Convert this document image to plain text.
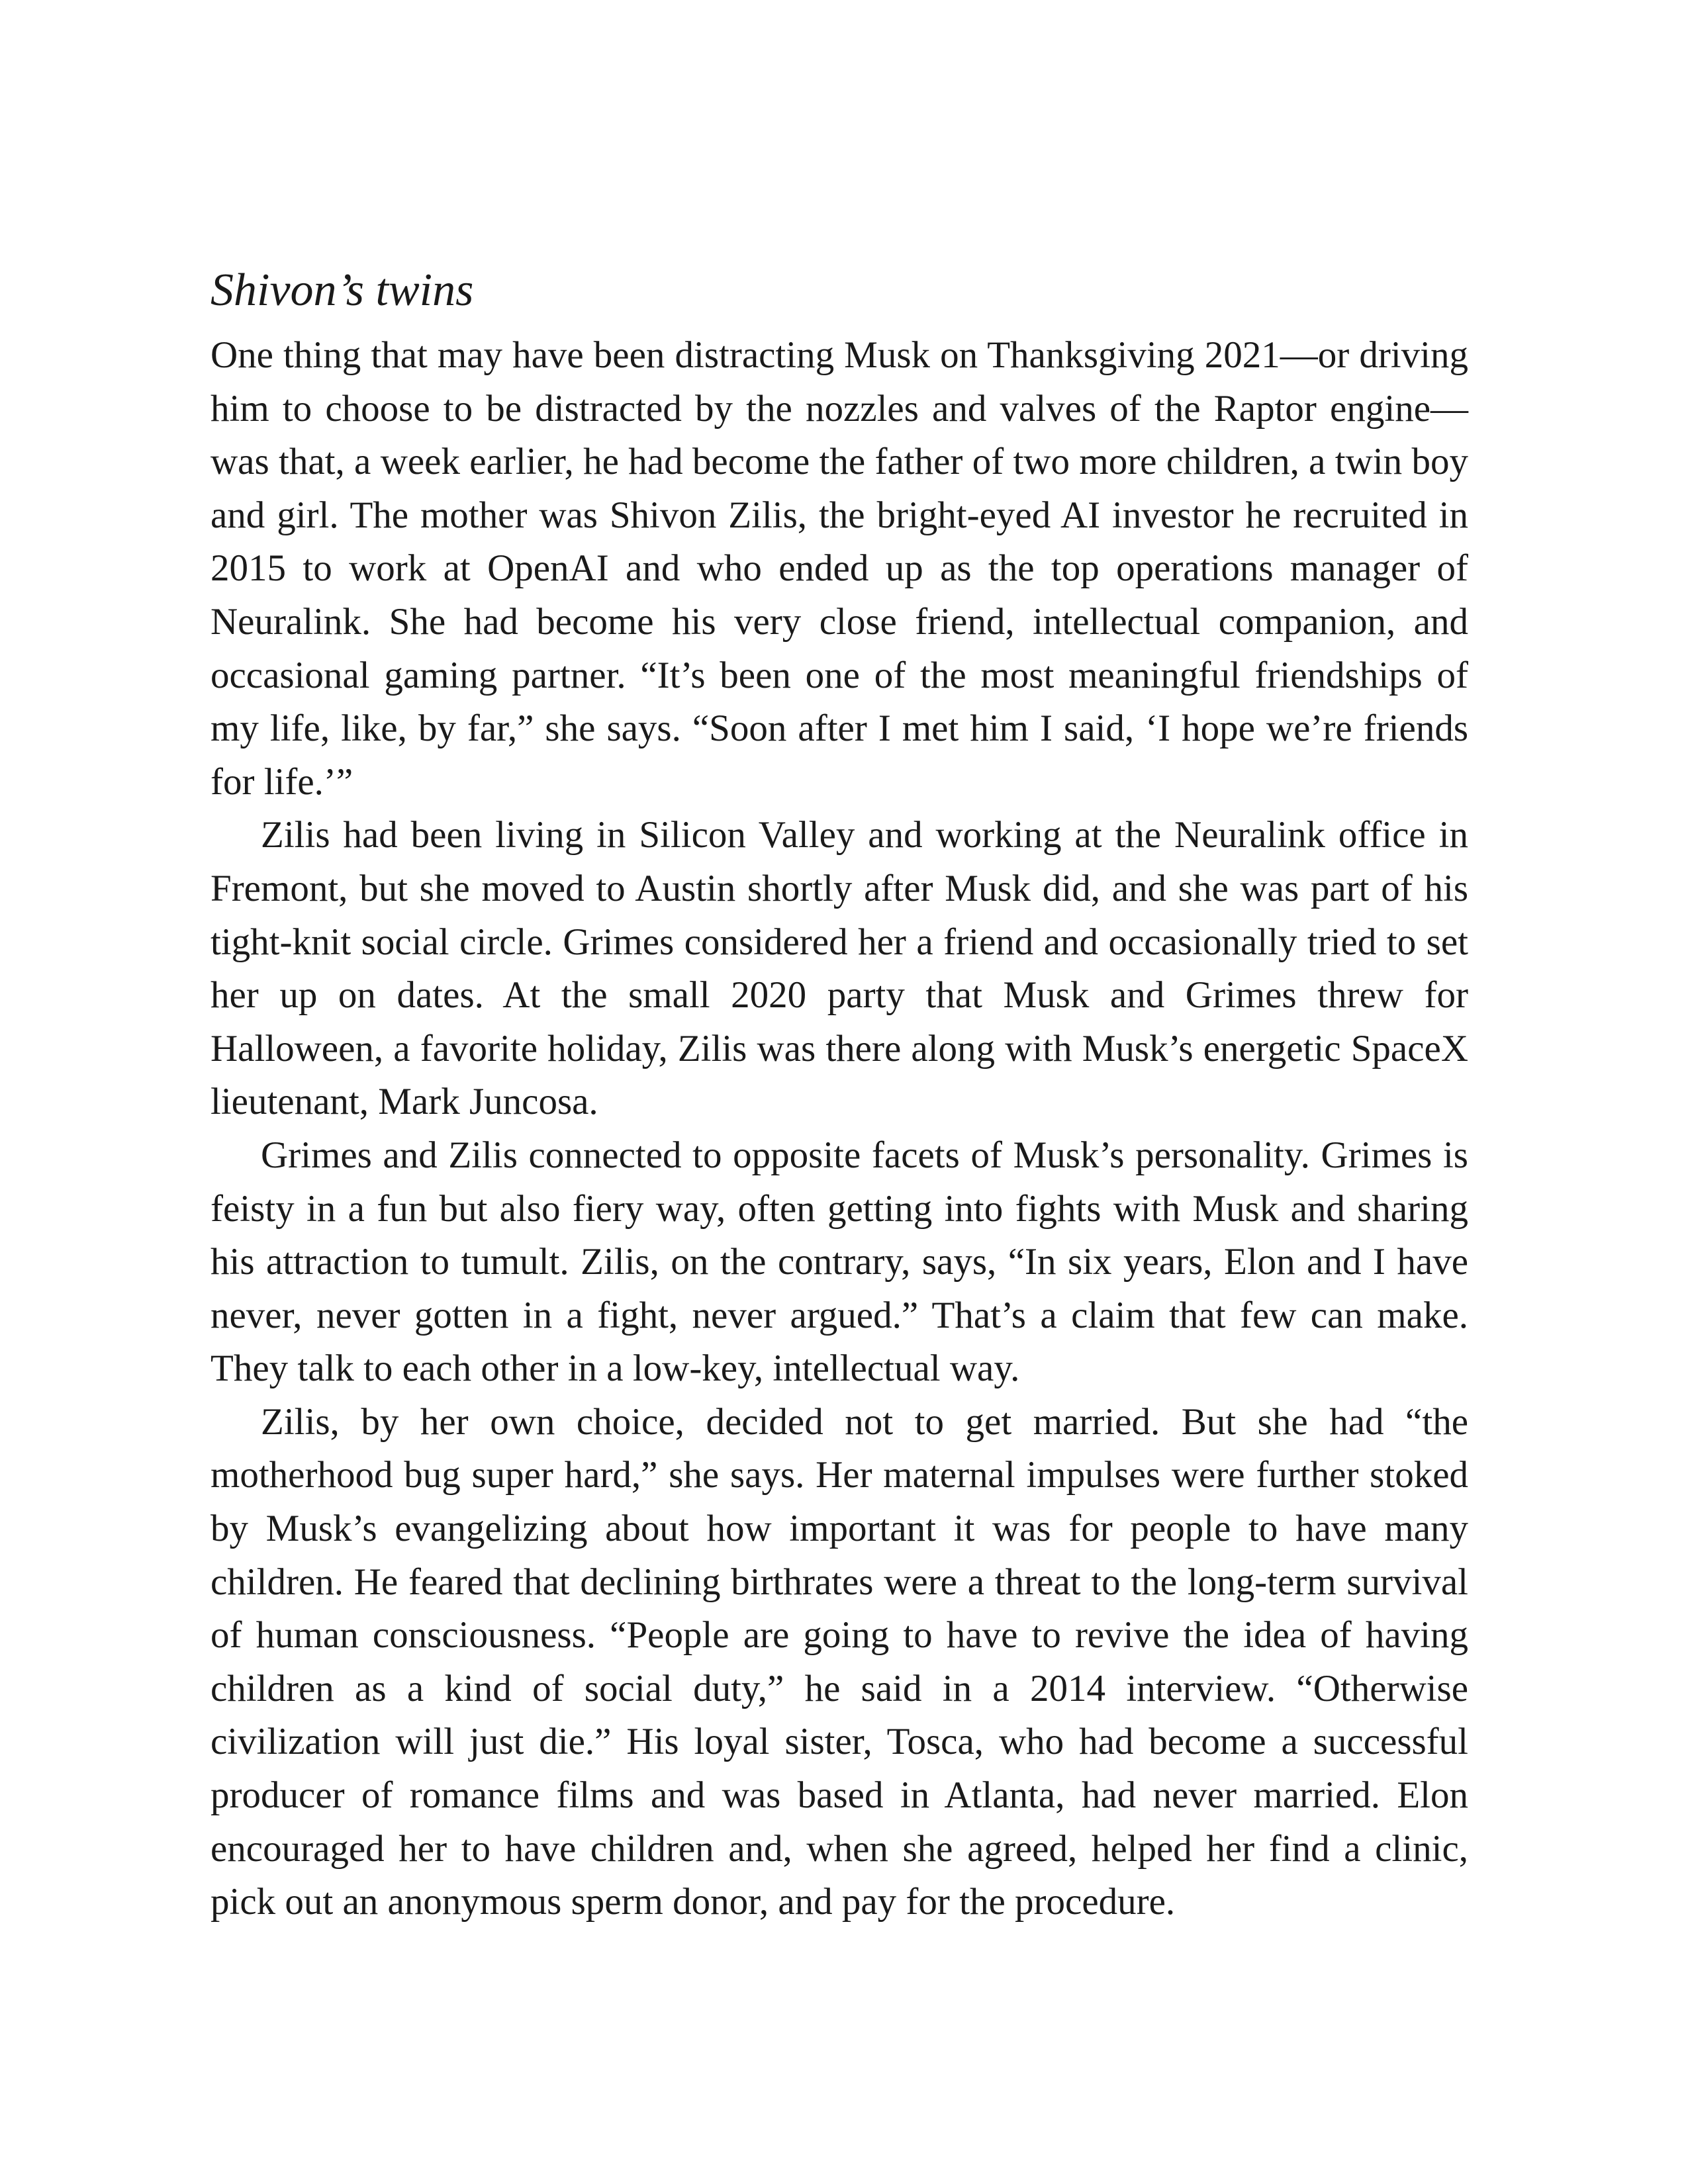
Shivon’s twins

One thing that may have been distracting Musk on Thanksgiving 2021—or driving him to choose to be distracted by the nozzles and valves of the Raptor engine—was that, a week earlier, he had become the father of two more children, a twin boy and girl. The mother was Shivon Zilis, the bright-eyed AI investor he recruited in 2015 to work at OpenAI and who ended up as the top operations manager of Neuralink. She had become his very close friend, intellectual companion, and occasional gaming partner. “It’s been one of the most meaningful friendships of my life, like, by far,” she says. “Soon after I met him I said, ‘I hope we’re friends for life.’”

Zilis had been living in Silicon Valley and working at the Neuralink office in Fremont, but she moved to Austin shortly after Musk did, and she was part of his tight-knit social circle. Grimes considered her a friend and occasionally tried to set her up on dates. At the small 2020 party that Musk and Grimes threw for Halloween, a favorite holiday, Zilis was there along with Musk’s energetic SpaceX lieutenant, Mark Juncosa.

Grimes and Zilis connected to opposite facets of Musk’s personality. Grimes is feisty in a fun but also fiery way, often getting into fights with Musk and sharing his attraction to tumult. Zilis, on the contrary, says, “In six years, Elon and I have never, never gotten in a fight, never argued.” That’s a claim that few can make. They talk to each other in a low-key, intellectual way.

Zilis, by her own choice, decided not to get married. But she had “the motherhood bug super hard,” she says. Her maternal impulses were further stoked by Musk’s evangelizing about how important it was for people to have many children. He feared that declining birthrates were a threat to the long-term survival of human consciousness. “People are going to have to revive the idea of having children as a kind of social duty,” he said in a 2014 interview. “Otherwise civilization will just die.” His loyal sister, Tosca, who had become a successful producer of romance films and was based in Atlanta, had never married. Elon encouraged her to have children and, when she agreed, helped her find a clinic, pick out an anonymous sperm donor, and pay for the procedure.
